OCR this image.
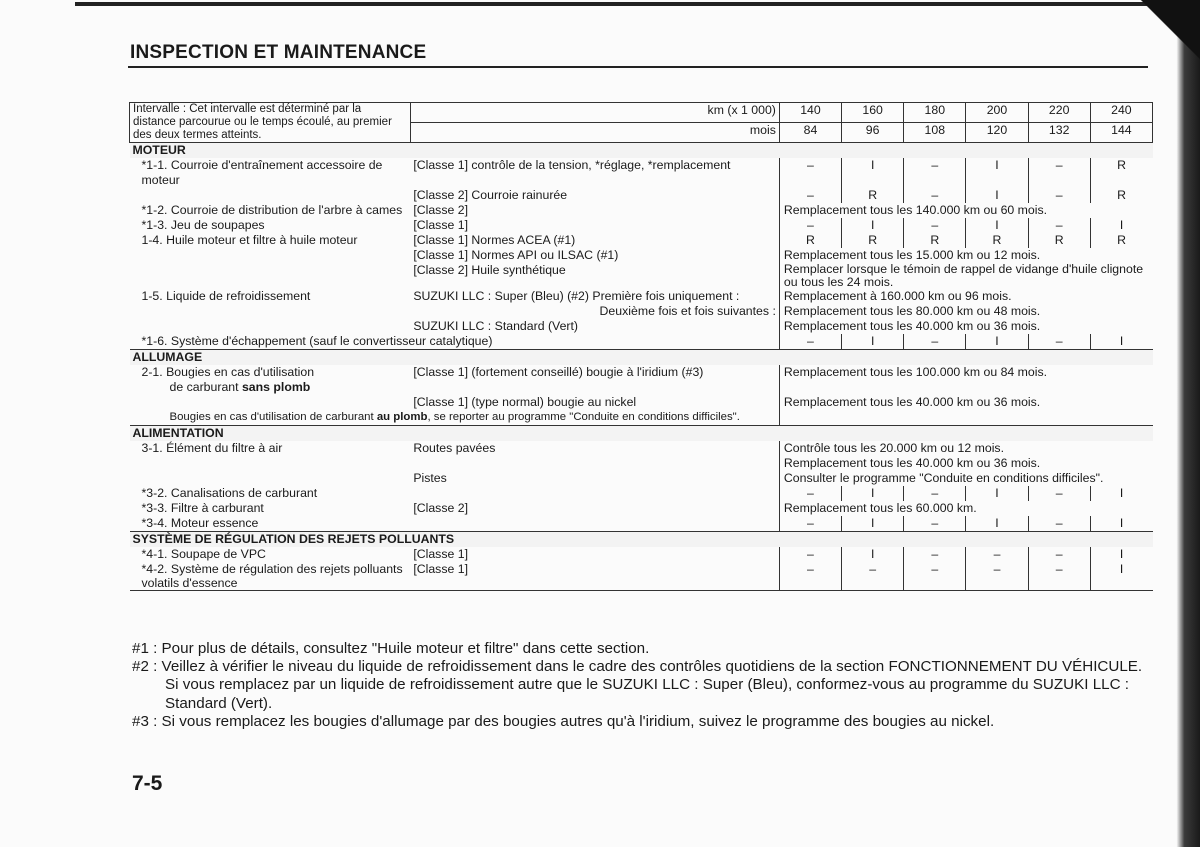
INSPECTION ET MAINTENANCE
Intervalle : Cet intervalle est déterminé par la distance parcourue ou le temps écoulé, au premier des deux termes atteints.	km (x 1 000)	140	160	180	200	220	240
	mois	84	96	108	120	132	144
MOTEUR							
*1-1. Courroie d'entraînement accessoire de moteur	[Classe 1] contrôle de la tension, *réglage, *remplacement	–	I	–	I	–	R
	[Classe 2] Courroie rainurée	–	R	–	I	–	R
*1-2. Courroie de distribution de l'arbre à cames	[Classe 2]	Remplacement tous les 140.000 km ou 60 mois.					
*1-3. Jeu de soupapes	[Classe 1]	–	I	–	I	–	I
1-4. Huile moteur et filtre à huile moteur	[Classe 1] Normes ACEA (#1)	R	R	R	R	R	R
	[Classe 1] Normes API ou ILSAC (#1)	Remplacement tous les 15.000 km ou 12 mois.					
	[Classe 2] Huile synthétique	Remplacer lorsque le témoin de rappel de vidange d'huile clignote ou tous les 24 mois.					
1-5. Liquide de refroidissement	SUZUKI LLC : Super (Bleu) (#2) Première fois uniquement :	Remplacement à 160.000 km ou 96 mois.					
	Deuxième fois et fois suivantes :	Remplacement tous les 80.000 km ou 48 mois.					
	SUZUKI LLC : Standard (Vert)	Remplacement tous les 40.000 km ou 36 mois.					
*1-6. Système d'échappement (sauf le convertisseur catalytique)		–	I	–	I	–	I
ALLUMAGE							
2-1. Bougies en cas d'utilisation
de carburant sans plomb	[Classe 1] (fortement conseillé) bougie à l'iridium (#3)	Remplacement tous les 100.000 km ou 84 mois.					
	[Classe 1] (type normal) bougie au nickel	Remplacement tous les 40.000 km ou 36 mois.					
Bougies en cas d'utilisation de carburant au plomb, se reporter au programme "Conduite en conditions difficiles".							
ALIMENTATION							
3-1. Élément du filtre à air	Routes pavées	Contrôle tous les 20.000 km ou 12 mois.					
		Remplacement tous les 40.000 km ou 36 mois.					
	Pistes	Consulter le programme "Conduite en conditions difficiles".					
*3-2. Canalisations de carburant		–	I	–	I	–	I
*3-3. Filtre à carburant	[Classe 2]	Remplacement tous les 60.000 km.					
*3-4. Moteur essence		–	I	–	I	–	I
SYSTÈME DE RÉGULATION DES REJETS POLLUANTS							
*4-1. Soupape de VPC	[Classe 1]	–	I	–	–	–	I
*4-2. Système de régulation des rejets polluants volatils d'essence	[Classe 1]	–	–	–	–	–	I
#1 : Pour plus de détails, consultez "Huile moteur et filtre" dans cette section.
#2 : Veillez à vérifier le niveau du liquide de refroidissement dans le cadre des contrôles quotidiens de la section FONCTIONNEMENT DU VÉHICULE.
Si vous remplacez par un liquide de refroidissement autre que le SUZUKI LLC : Super (Bleu), conformez-vous au programme du SUZUKI LLC : Standard (Vert).
#3 : Si vous remplacez les bougies d'allumage par des bougies autres qu'à l'iridium, suivez le programme des bougies au nickel.
7-5
